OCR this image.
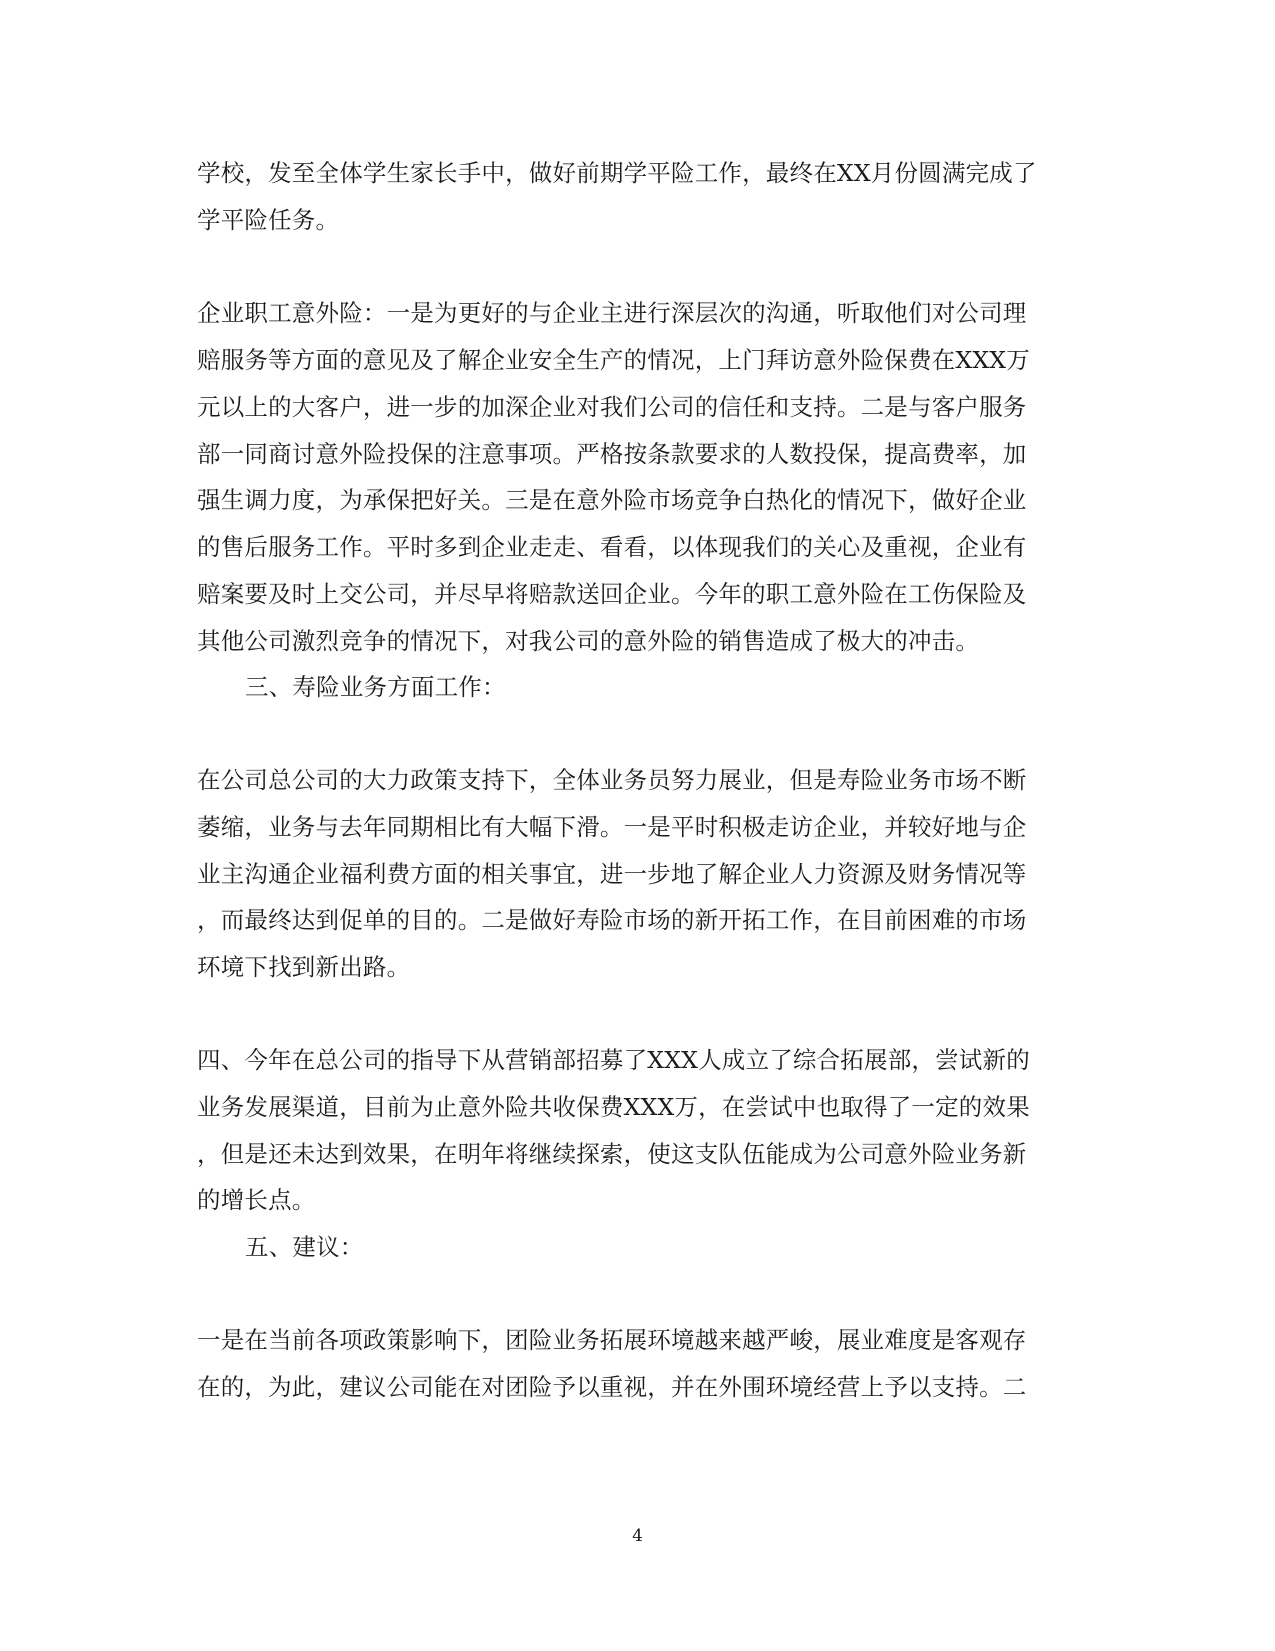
学校，发至全体学生家长手中，做好前期学平险工作，最终在XX月份圆满完成了
学平险任务。
企业职工意外险：一是为更好的与企业主进行深层次的沟通，听取他们对公司理
赔服务等方面的意见及了解企业安全生产的情况，上门拜访意外险保费在XXX万
元以上的大客户，进一步的加深企业对我们公司的信任和支持。二是与客户服务
部一同商讨意外险投保的注意事项。严格按条款要求的人数投保，提高费率，加
强生调力度，为承保把好关。三是在意外险市场竞争白热化的情况下，做好企业
的售后服务工作。平时多到企业走走、看看，以体现我们的关心及重视，企业有
赔案要及时上交公司，并尽早将赔款送回企业。今年的职工意外险在工伤保险及
其他公司激烈竞争的情况下，对我公司的意外险的销售造成了极大的冲击。
三、寿险业务方面工作：
在公司总公司的大力政策支持下，全体业务员努力展业，但是寿险业务市场不断
萎缩，业务与去年同期相比有大幅下滑。一是平时积极走访企业，并较好地与企
业主沟通企业福利费方面的相关事宜，进一步地了解企业人力资源及财务情况等
，而最终达到促单的目的。二是做好寿险市场的新开拓工作，在目前困难的市场
环境下找到新出路。
四、今年在总公司的指导下从营销部招募了XXX人成立了综合拓展部，尝试新的
业务发展渠道，目前为止意外险共收保费XXX万，在尝试中也取得了一定的效果
，但是还未达到效果，在明年将继续探索，使这支队伍能成为公司意外险业务新
的增长点。
五、建议：
一是在当前各项政策影响下，团险业务拓展环境越来越严峻，展业难度是客观存
在的，为此，建议公司能在对团险予以重视，并在外围环境经营上予以支持。二
4
